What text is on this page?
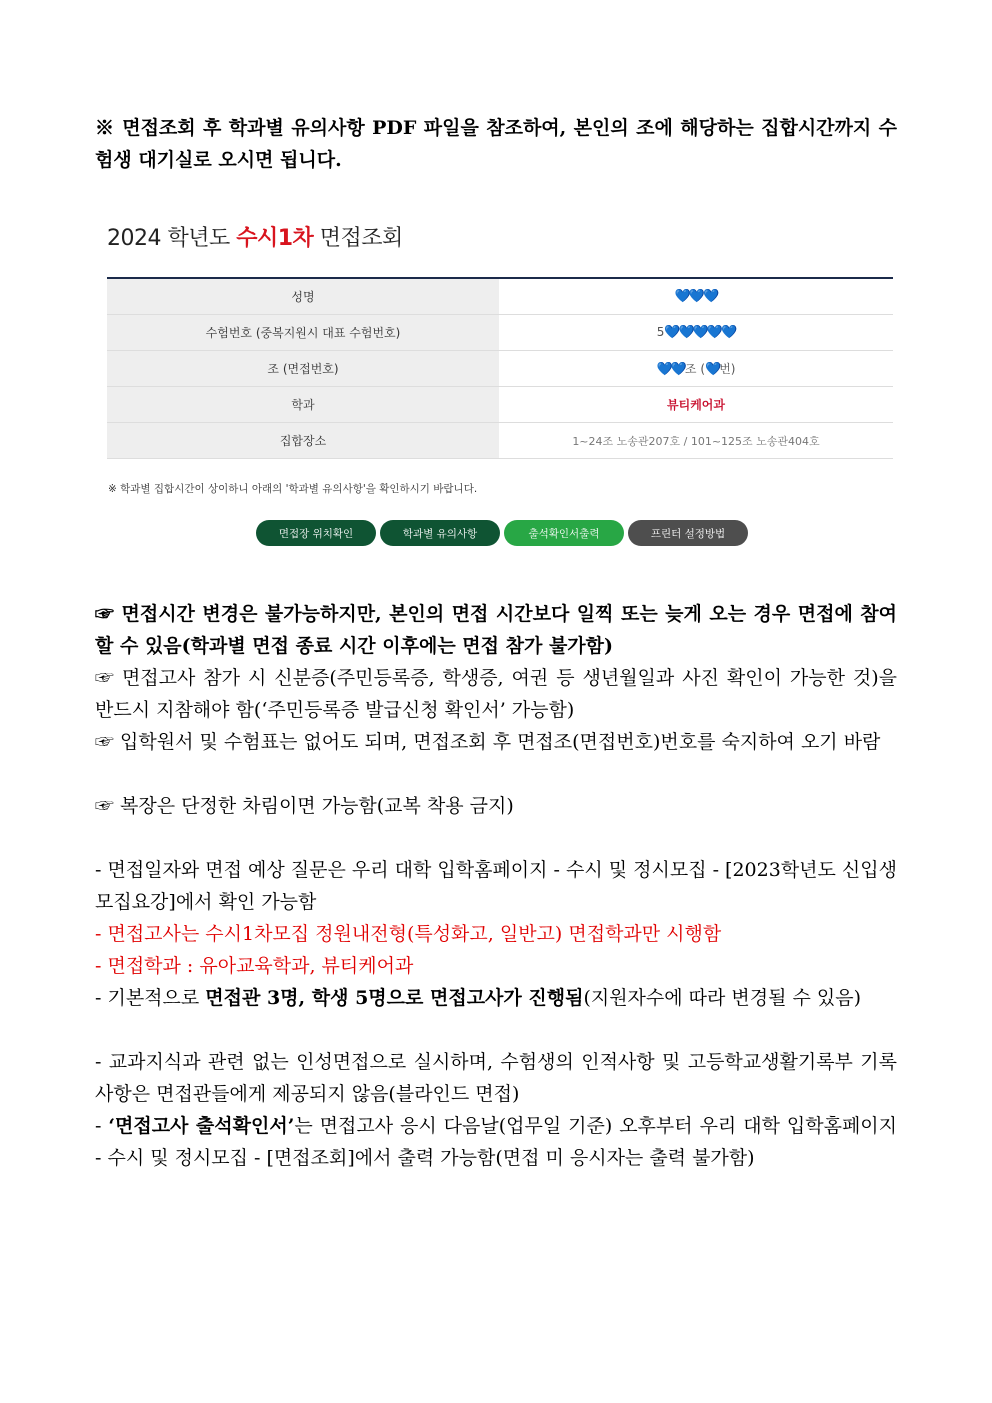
※ 면접조회 후 학과별 유의사항 PDF 파일을 참조하여, 본인의 조에 해당하는 집합시간까지 수험생 대기실로 오시면 됩니다.
2024 학년도 수시1차 면접조회
성명	💙💙💙
수험번호 (중복지원시 대표 수험번호)	5💙💙💙💙💙
조 (면접번호)	💙💙조 (💙번)
학과	뷰티케어과
집합장소	1~24조 노송관207호 / 101~125조 노송관404호
※ 학과별 집합시간이 상이하니 아래의 '학과별 유의사항'을 확인하시기 바랍니다.
면접장 위치확인	학과별 유의사항	출석확인서출력	프린터 설정방법
☞ 면접시간 변경은 불가능하지만, 본인의 면접 시간보다 일찍 또는 늦게 오는 경우 면접에 참여할 수 있음(학과별 면접 종료 시간 이후에는 면접 참가 불가함)
☞ 면접고사 참가 시 신분증(주민등록증, 학생증, 여권 등 생년월일과 사진 확인이 가능한 것)을 반드시 지참해야 함(‘주민등록증 발급신청 확인서’ 가능함)
☞ 입학원서 및 수험표는 없어도 되며, 면접조회 후 면접조(면접번호)번호를 숙지하여 오기 바람
☞ 복장은 단정한 차림이면 가능함(교복 착용 금지)
- 면접일자와 면접 예상 질문은 우리 대학 입학홈페이지 - 수시 및 정시모집 - [2023학년도 신입생 모집요강]에서 확인 가능함
- 면접고사는 수시1차모집 정원내전형(특성화고, 일반고) 면접학과만 시행함
- 면접학과 : 유아교육학과, 뷰티케어과
- 기본적으로 면접관 3명, 학생 5명으로 면접고사가 진행됨(지원자수에 따라 변경될 수 있음)
- 교과지식과 관련 없는 인성면접으로 실시하며, 수험생의 인적사항 및 고등학교생활기록부 기록사항은 면접관들에게 제공되지 않음(블라인드 면접)
- ‘면접고사 출석확인서’는 면접고사 응시 다음날(업무일 기준) 오후부터 우리 대학 입학홈페이지 - 수시 및 정시모집 - [면접조회]에서 출력 가능함(면접 미 응시자는 출력 불가함)
